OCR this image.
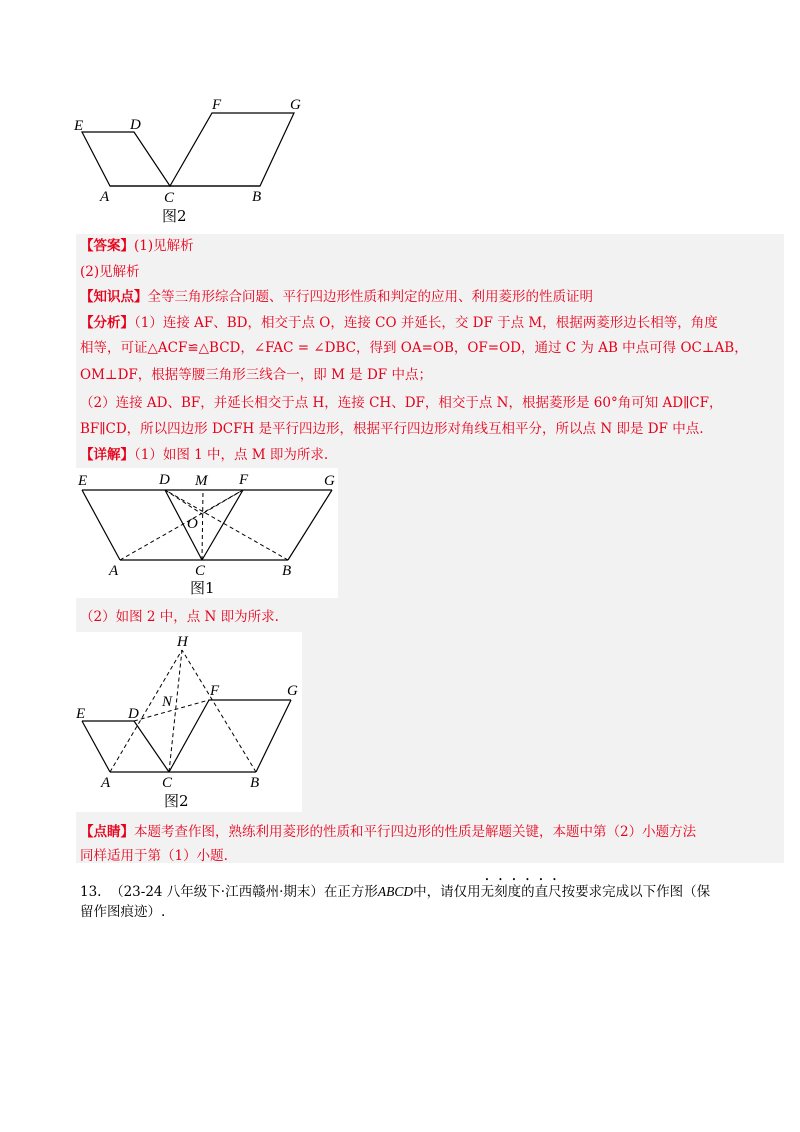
E	D
F	G
A	C	B
图2
【答案】(1)见解析
(2)见解析
【知识点】全等三角形综合问题、平行四边形性质和判定的应用、利用菱形的性质证明
【分析】（1）连接 AF、BD，相交于点 O，连接 CO 并延长，交 DF 于点 M，根据两菱形边长相等，角度
相等，可证△ACF≌△BCD，∠FAC = ∠DBC，得到 OA=OB，OF=OD，通过 C 为 AB 中点可得 OC⊥AB，
OM⊥DF，根据等腰三角形三线合一，即 M 是 DF 中点；
（2）连接 AD、BF，并延长相交于点 H，连接 CH、DF，相交于点 N，根据菱形是 60°角可知 AD∥CF，
BF∥CD，所以四边形 DCFH 是平行四边形，根据平行四边形对角线互相平分，所以点 N 即是 DF 中点.
【详解】（1）如图 1 中，点 M 即为所求.
E	D M F	G
O
A	C	B
图1
（2）如图 2 中，点 N 即为所求.
H
E	D
N
F	G
A	C	B
图2
【点睛】本题考查作图，熟练利用菱形的性质和平行四边形的性质是解题关键，本题中第（2）小题方法
同样适用于第（1）小题.
13. （23-24 八年级下·江西赣州·期末）在正方形ABCD中，请仅用无刻度的直尺按要求完成以下作图（保
留作图痕迹）.
